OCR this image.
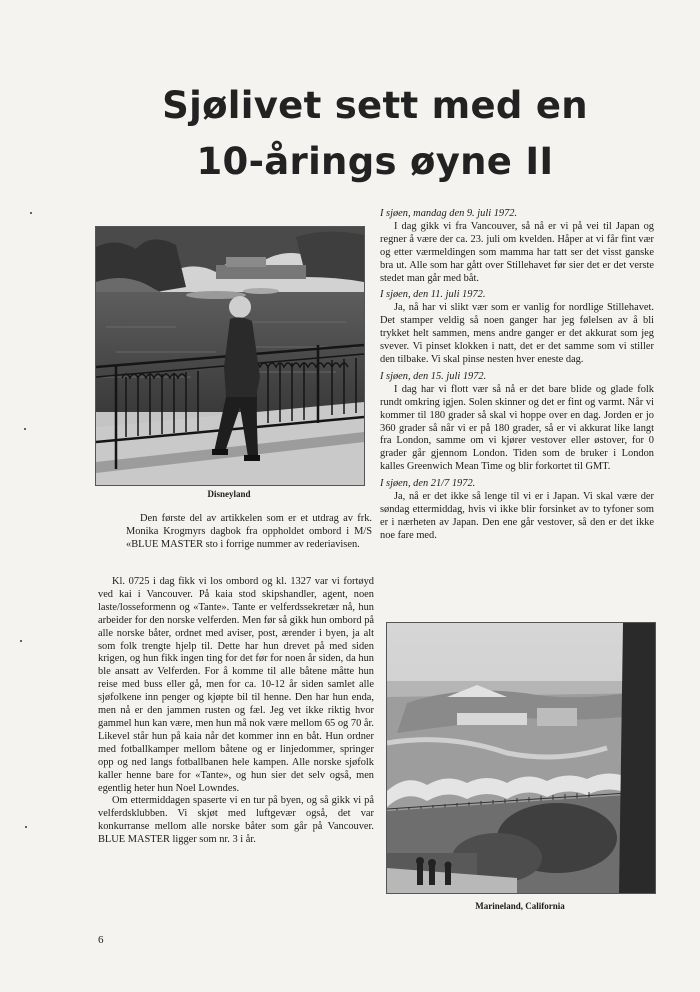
Sjølivet sett med en
10-årings øyne II
Disneyland

Den første del av artikkelen som er et utdrag av frk. Monika Krogmyrs dagbok fra oppholdet ombord i M/S «BLUE MASTER sto i forrige nummer av rederiavisen.

Kl. 0725 i dag fikk vi los ombord og kl. 1327 var vi fortøyd ved kai i Vancouver. På kaia stod skipshandler, agent, noen laste/losseformenn og «Tante». Tante er velferdssekretær nå, hun arbeider for den norske velferden. Men før så gikk hun ombord på alle norske båter, ordnet med aviser, post, ærender i byen, ja alt som folk trengte hjelp til. Dette har hun drevet på med siden krigen, og hun fikk ingen ting for det før for noen år siden, da hun ble ansatt av Velferden. For å komme til alle båtene måtte hun reise med buss eller gå, men for ca. 10-12 år siden samlet alle sjøfolkene inn penger og kjøpte bil til henne. Den har hun enda, men nå er den jammen rusten og fæl. Jeg vet ikke riktig hvor gammel hun kan være, men hun må nok være mellom 65 og 70 år. Likevel står hun på kaia når det kommer inn en båt. Hun ordner med fotballkamper mellom båtene og er linjedommer, springer opp og ned langs fotballbanen hele kampen. Alle norske sjøfolk kaller henne bare for «Tante», og hun sier det selv også, men egentlig heter hun Noel Lowndes.

Om ettermiddagen spaserte vi en tur på byen, og så gikk vi på velferdsklubben. Vi skjøt med luftgevær også, det var konkurranse mellom alle norske båter som går på Vancouver. BLUE MASTER ligger som nr. 3 i år.

I sjøen, mandag den 9. juli 1972.

I dag gikk vi fra Vancouver, så nå er vi på vei til Japan og regner å være der ca. 23. juli om kvelden. Håper at vi får fint vær og etter værmeldingen som mamma har tatt ser det visst ganske bra ut. Alle som har gått over Stillehavet før sier det er det verste stedet man går med båt.

I sjøen, den 11. juli 1972.

Ja, nå har vi slikt vær som er vanlig for nordlige Stillehavet. Det stamper veldig så noen ganger har jeg følelsen av å bli trykket helt sammen, mens andre ganger er det akkurat som jeg svever. Vi pinset klokken i natt, det er det samme som vi stiller den tilbake. Vi skal pinse nesten hver eneste dag.

I sjøen, den 15. juli 1972.

I dag har vi flott vær så nå er det bare blide og glade folk rundt omkring igjen. Solen skinner og det er fint og varmt. Når vi kommer til 180 grader så skal vi hoppe over en dag. Jorden er jo 360 grader så når vi er på 180 grader, så er vi akkurat like langt fra London, samme om vi kjører vestover eller østover, for 0 grader går gjennom London. Tiden som de bruker i London kalles Greenwich Mean Time og blir forkortet til GMT.

I sjøen, den 21/7 1972.

Ja, nå er det ikke så lenge til vi er i Japan. Vi skal være der søndag ettermiddag, hvis vi ikke blir forsinket av to tyfoner som er i nærheten av Japan. Den ene går vestover, så den er det ikke noe fare med.

Marineland, California
6
